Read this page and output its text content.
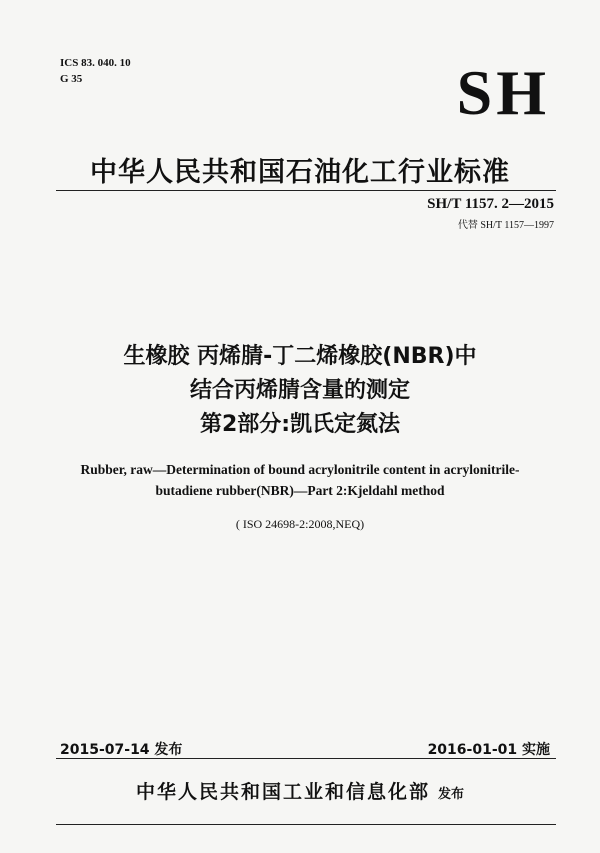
ICS 83. 040. 10
G 35	SH
中华人民共和国石油化工行业标准
SH/T 1157. 2—2015
代替 SH/T 1157—1997
生橡胶 丙烯腈-丁二烯橡胶(NBR)中
结合丙烯腈含量的测定
第2部分:凯氏定氮法
Rubber, raw—Determination of bound acrylonitrile content in acrylonitrile-
butadiene rubber(NBR)—Part 2:Kjeldahl method
( ISO 24698-2:2008,NEQ)
2015-07-14 发布	2016-01-01 实施
中华人民共和国工业和信息化部 发布
